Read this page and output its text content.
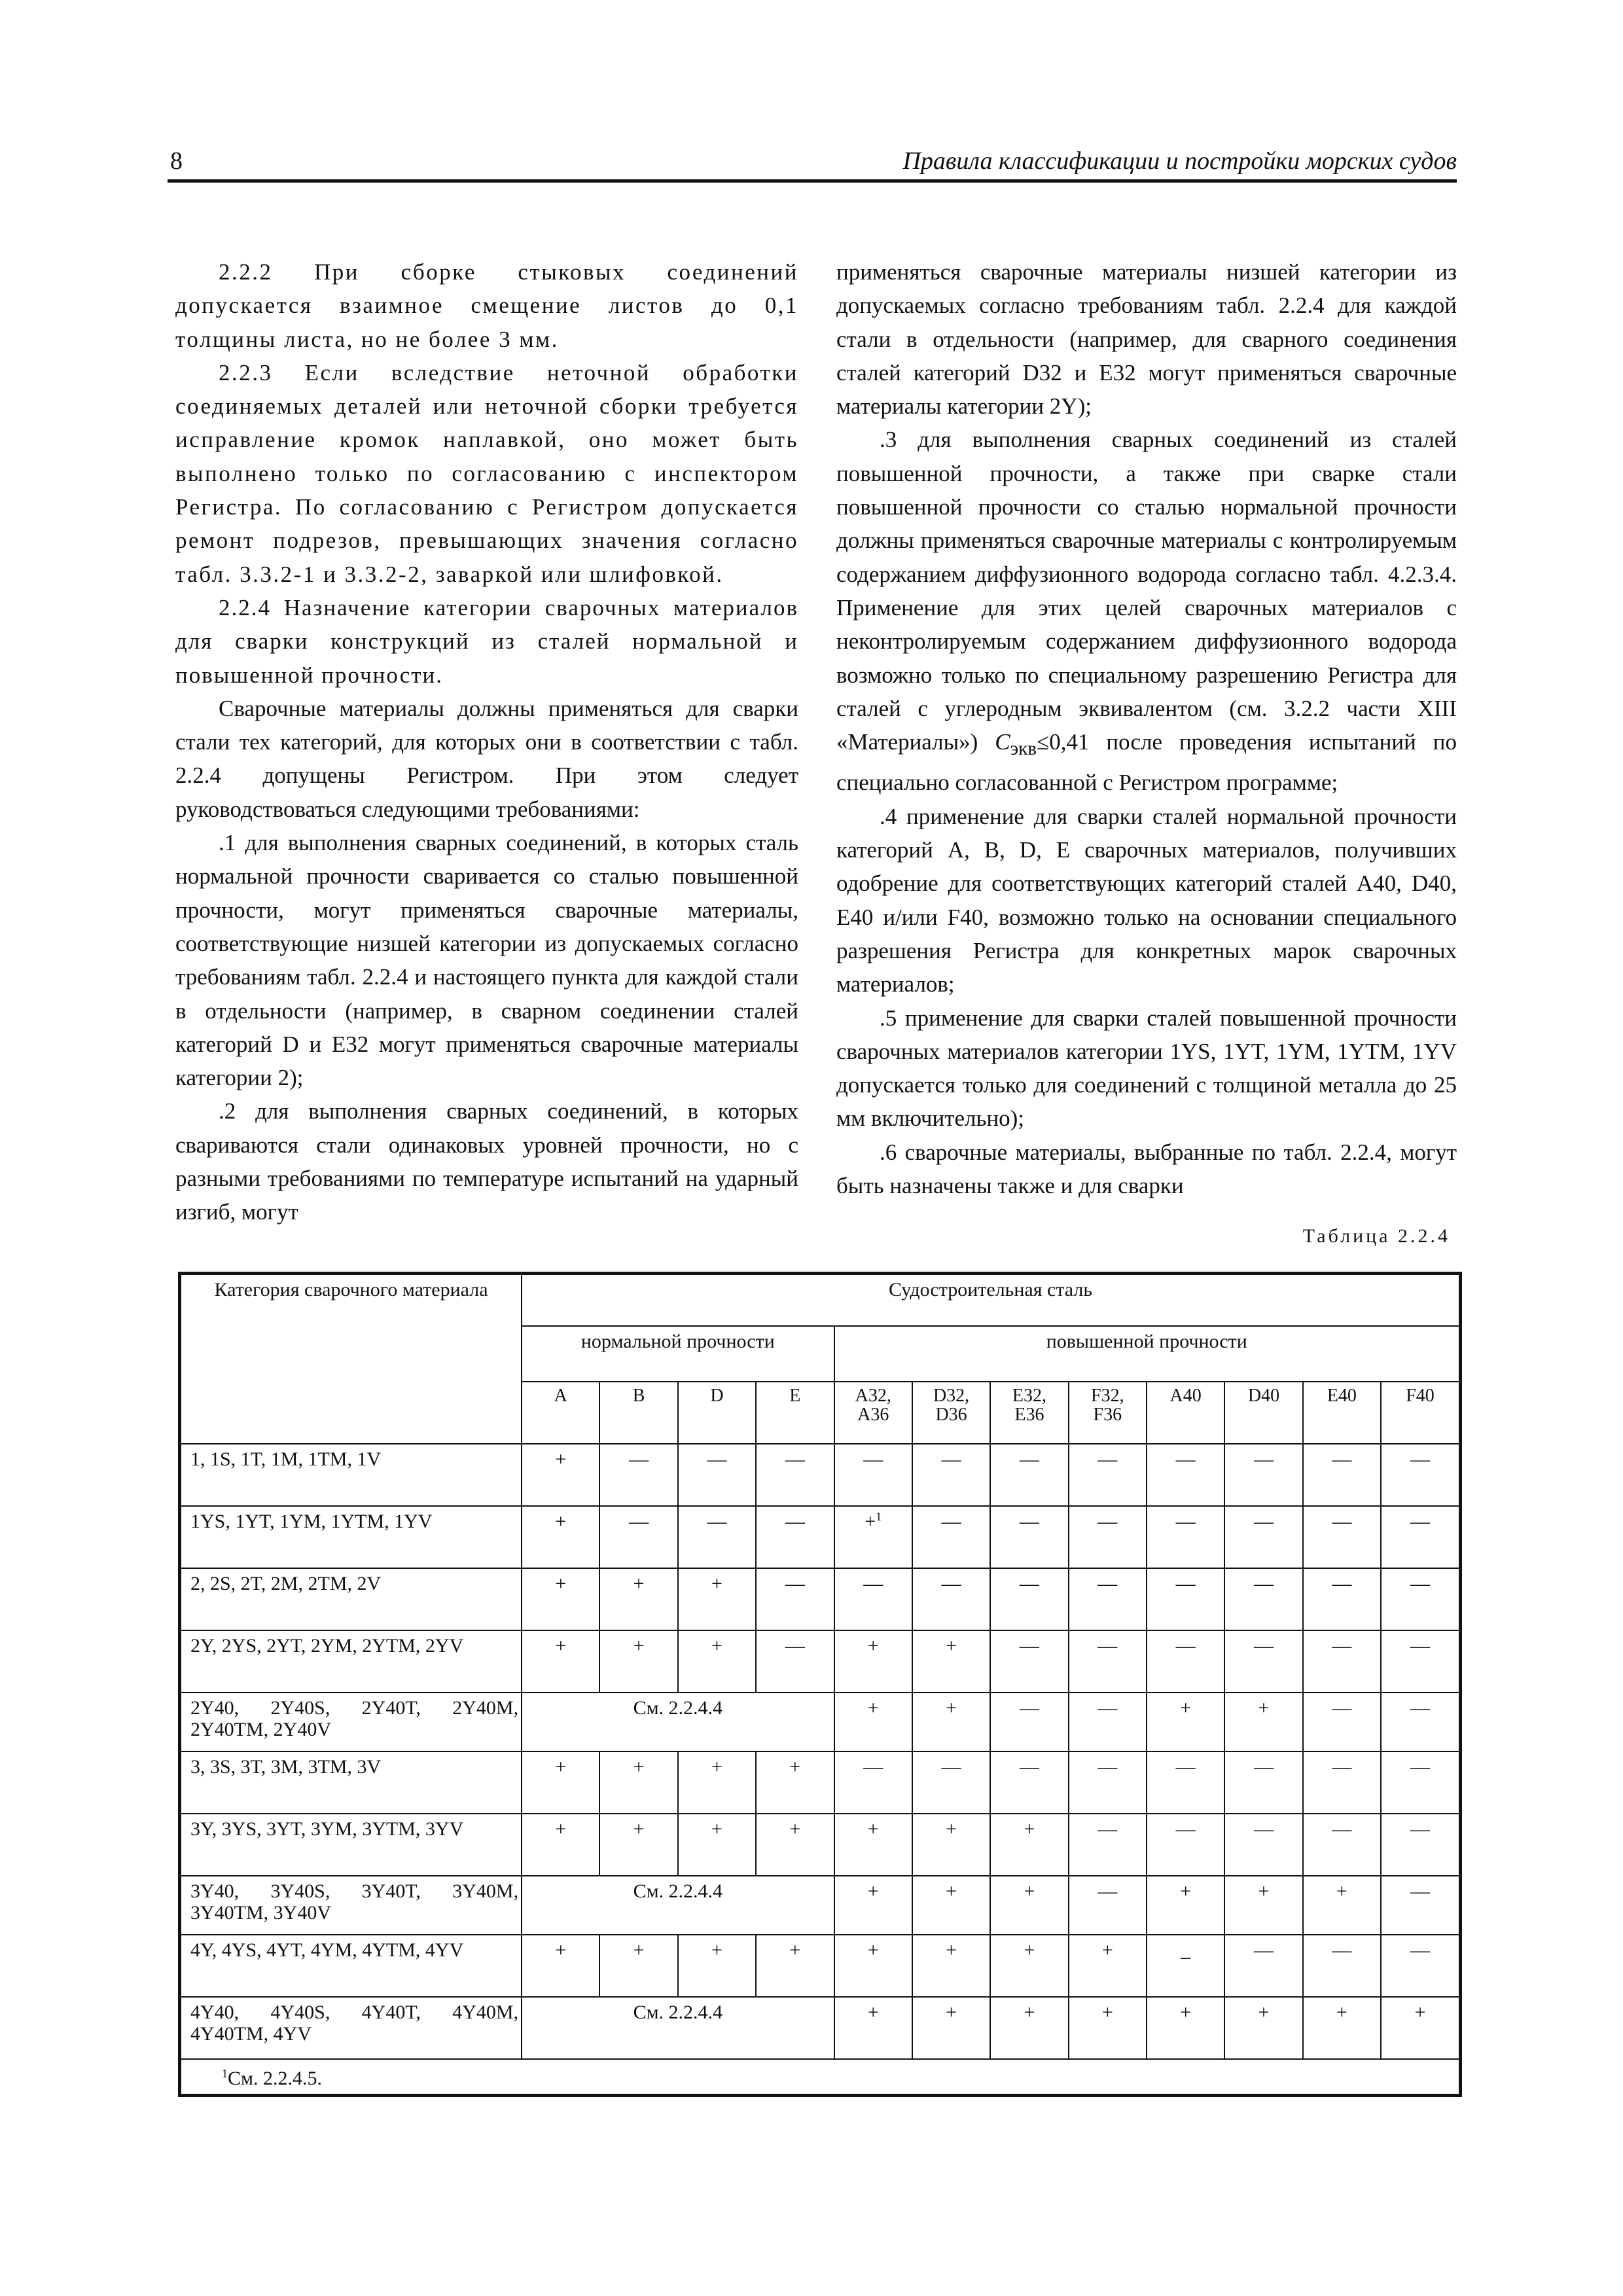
8	Правила классификации и постройки морских судов

2.2.2 При сборке стыковых соединений допускается взаимное смещение листов до 0,1 толщины листа, но не более 3 мм.

2.2.3 Если вследствие неточной обработки соединяемых деталей или неточной сборки требуется исправление кромок наплавкой, оно может быть выполнено только по согласованию с инспектором Регистра. По согласованию с Регистром допускается ремонт подрезов, превышающих значения согласно табл. 3.3.2-1 и 3.3.2-2, заваркой или шлифовкой.

2.2.4 Назначение категории сварочных материалов для сварки конструкций из сталей нормальной и повышенной прочности.

Сварочные материалы должны применяться для сварки стали тех категорий, для которых они в соответствии с табл. 2.2.4 допущены Регистром. При этом следует руководствоваться следующими требованиями:

.1 для выполнения сварных соединений, в которых сталь нормальной прочности сваривается со сталью повышенной прочности, могут применяться сварочные материалы, соответствующие низшей категории из допускаемых согласно требованиям табл. 2.2.4 и настоящего пункта для каждой стали в отдельности (например, в сварном соединении сталей категорий D и E32 могут применяться сварочные материалы категории 2);

.2 для выполнения сварных соединений, в которых свариваются стали одинаковых уровней прочности, но с разными требованиями по температуре испытаний на ударный изгиб, могут

применяться сварочные материалы низшей категории из допускаемых согласно требованиям табл. 2.2.4 для каждой стали в отдельности (например, для сварного соединения сталей категорий D32 и E32 могут применяться сварочные материалы категории 2Y);

.3 для выполнения сварных соединений из сталей повышенной прочности, а также при сварке стали повышенной прочности со сталью нормальной прочности должны применяться сварочные материалы с контролируемым содержанием диффузионного водорода согласно табл. 4.2.3.4. Применение для этих целей сварочных материалов с неконтролируемым содержанием диффузионного водорода возможно только по специальному разрешению Регистра для сталей с углеродным эквивалентом (см. 3.2.2 части XIII «Материалы») $C_{экв}\le 0,41$ после проведения испытаний по специально согласованной с Регистром программе;

.4 применение для сварки сталей нормальной прочности категорий A, B, D, E сварочных материалов, получивших одобрение для соответствующих категорий сталей A40, D40, E40 и/или F40, возможно только на основании специального разрешения Регистра для конкретных марок сварочных материалов;

.5 применение для сварки сталей повышенной прочности сварочных материалов категории 1YS, 1YT, 1YM, 1YTM, 1YV допускается только для соединений с толщиной металла до 25 мм включительно);

.6 сварочные материалы, выбранные по табл. 2.2.4, могут быть назначены также и для сварки

Таблица 2.2.4
Категория сварочного материала	Судостроительная сталь											
	нормальной прочности				повышенной прочности							

	A	B	D	E	A32,
A36	D32,
D36	E32,
E36	F32,
F36	A40	D40	E40	F40

1, 1S, 1T, 1M, 1TM, 1V	+	—	—	—	—	—	—	—	—	—	—	—
1YS, 1YT, 1YM, 1YTM, 1YV	+	—	—	—	+$^1$	—	—	—	—	—	—	—
2, 2S, 2T, 2M, 2TM, 2V	+	+	+	—	—	—	—	—	—	—	—	—
2Y, 2YS, 2YT, 2YM, 2YTM, 2YV	+	+	+	—	+	+	—	—	—	—	—	—
2Y40, 2Y40S, 2Y40T, 2Y40M, 2Y40TM, 2Y40V	См. 2.2.4.4				+	+	—	—	+	+	—	—
3, 3S, 3T, 3M, 3TM, 3V	+	+	+	+	—	—	—	—	—	—	—	—
3Y, 3YS, 3YT, 3YM, 3YTM, 3YV	+	+	+	+	+	+	+	—	—	—	—	—
3Y40, 3Y40S, 3Y40T, 3Y40M, 3Y40TM, 3Y40V	См. 2.2.4.4				+	+	+	—	+	+	+	—
4Y, 4YS, 4YT, 4YM, 4YTM, 4YV	+	+	+	+	+	+	+	+	_	—	—	—
4Y40, 4Y40S, 4Y40T, 4Y40M, 4Y40TM, 4YV	См. 2.2.4.4				+	+	+	+	+	+	+	+
$^1$См. 2.2.4.5.												
